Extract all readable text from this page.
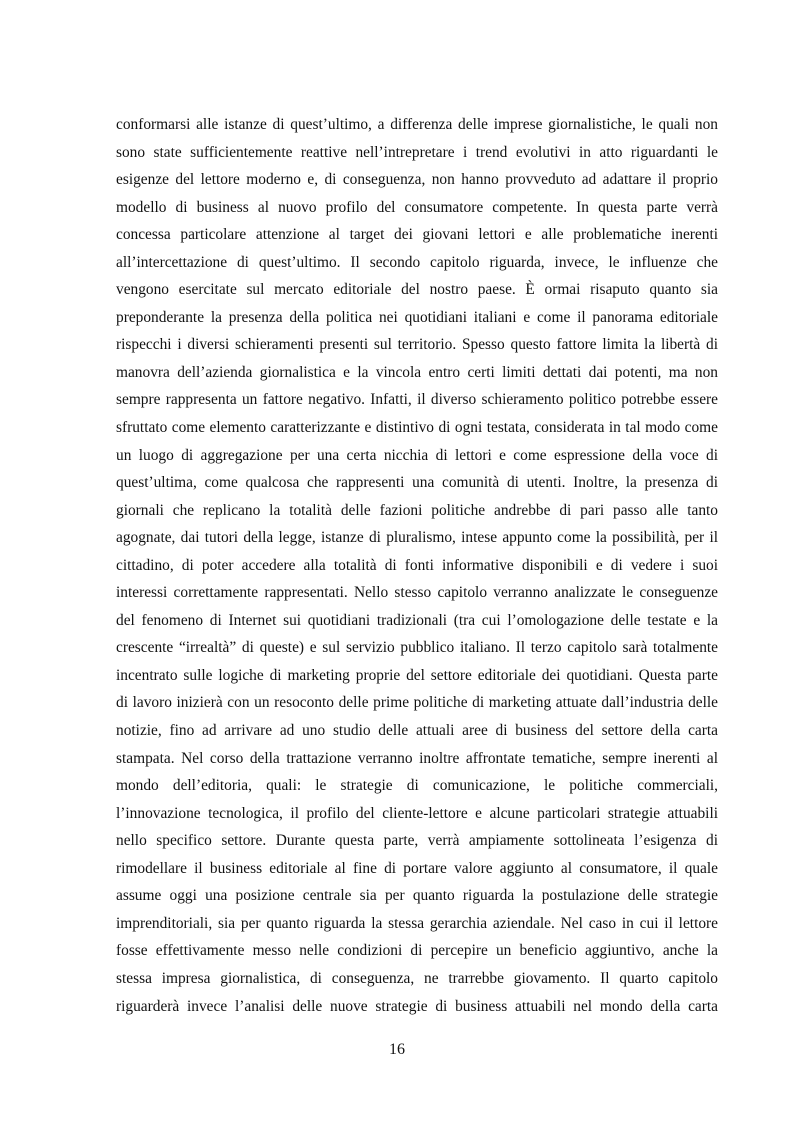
conformarsi alle istanze di quest’ultimo, a differenza delle imprese giornalistiche, le quali non
sono state sufficientemente reattive nell’intrepretare i trend evolutivi in atto riguardanti le
esigenze del lettore moderno e, di conseguenza, non hanno provveduto ad adattare il proprio
modello di business al nuovo profilo del consumatore competente. In questa parte verrà
concessa particolare attenzione al target dei giovani lettori e alle problematiche inerenti
all’intercettazione di quest’ultimo. Il secondo capitolo riguarda, invece, le influenze che
vengono esercitate sul mercato editoriale del nostro paese. È ormai risaputo quanto sia
preponderante la presenza della politica nei quotidiani italiani e come il panorama editoriale
rispecchi i diversi schieramenti presenti sul territorio. Spesso questo fattore limita la libertà di
manovra dell’azienda giornalistica e la vincola entro certi limiti dettati dai potenti, ma non
sempre rappresenta un fattore negativo. Infatti, il diverso schieramento politico potrebbe essere
sfruttato come elemento caratterizzante e distintivo di ogni testata, considerata in tal modo come
un luogo di aggregazione per una certa nicchia di lettori e come espressione della voce di
quest’ultima, come qualcosa che rappresenti una comunità di utenti. Inoltre, la presenza di
giornali che replicano la totalità delle fazioni politiche andrebbe di pari passo alle tanto
agognate, dai tutori della legge, istanze di pluralismo, intese appunto come la possibilità, per il
cittadino, di poter accedere alla totalità di fonti informative disponibili e di vedere i suoi
interessi correttamente rappresentati. Nello stesso capitolo verranno analizzate le conseguenze
del fenomeno di Internet sui quotidiani tradizionali (tra cui l’omologazione delle testate e la
crescente “irrealtà” di queste) e sul servizio pubblico italiano. Il terzo capitolo sarà totalmente
incentrato sulle logiche di marketing proprie del settore editoriale dei quotidiani. Questa parte
di lavoro inizierà con un resoconto delle prime politiche di marketing attuate dall’industria delle
notizie, fino ad arrivare ad uno studio delle attuali aree di business del settore della carta
stampata. Nel corso della trattazione verranno inoltre affrontate tematiche, sempre inerenti al
mondo dell’editoria, quali: le strategie di comunicazione, le politiche commerciali,
l’innovazione tecnologica, il profilo del cliente-lettore e alcune particolari strategie attuabili
nello specifico settore. Durante questa parte, verrà ampiamente sottolineata l’esigenza di
rimodellare il business editoriale al fine di portare valore aggiunto al consumatore, il quale
assume oggi una posizione centrale sia per quanto riguarda la postulazione delle strategie
imprenditoriali, sia per quanto riguarda la stessa gerarchia aziendale. Nel caso in cui il lettore
fosse effettivamente messo nelle condizioni di percepire un beneficio aggiuntivo, anche la
stessa impresa giornalistica, di conseguenza, ne trarrebbe giovamento. Il quarto capitolo
riguarderà invece l’analisi delle nuove strategie di business attuabili nel mondo della carta
16
